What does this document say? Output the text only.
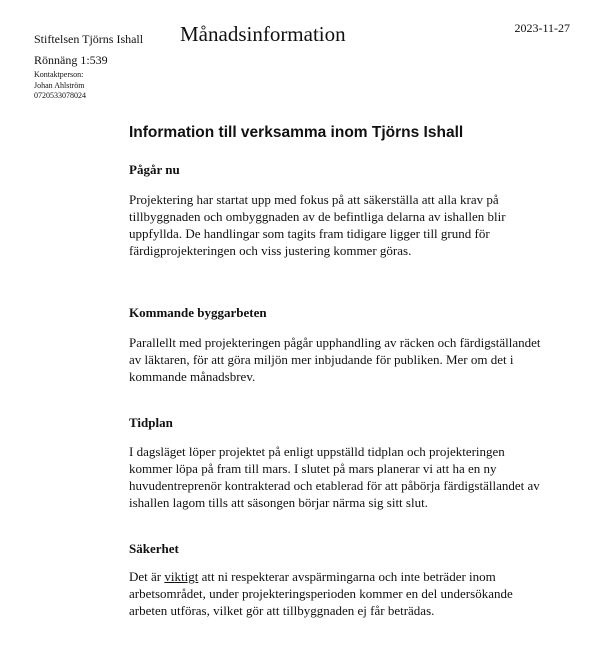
Stiftelsen Tjörns Ishall
Rönnäng 1:539
Kontaktperson:
Johan Ahlström
0720533078024
Månadsinformation	2023-11-27
Information till verksamma inom Tjörns Ishall

Pågår nu

Projektering har startat upp med fokus på att säkerställa att alla krav på

tillbyggnaden och ombyggnaden av de befintliga delarna av ishallen blir

uppfyllda. De handlingar som tagits fram tidigare ligger till grund för

färdigprojekteringen och viss justering kommer göras.

Kommande byggarbeten

Parallellt med projekteringen pågår upphandling av räcken och färdigställandet

av läktaren, för att göra miljön mer inbjudande för publiken. Mer om det i

kommande månadsbrev.

Tidplan

I dagsläget löper projektet på enligt uppställd tidplan och projekteringen

kommer löpa på fram till mars. I slutet på mars planerar vi att ha en ny

huvudentreprenör kontrakterad och etablerad för att påbörja färdigställandet av

ishallen lagom tills att säsongen börjar närma sig sitt slut.

Säkerhet

Det är viktigt att ni respekterar avspärmingarna och inte beträder inom

arbetsområdet, under projekteringsperioden kommer en del undersökande

arbeten utföras, vilket gör att tillbyggnaden ej får beträdas.
